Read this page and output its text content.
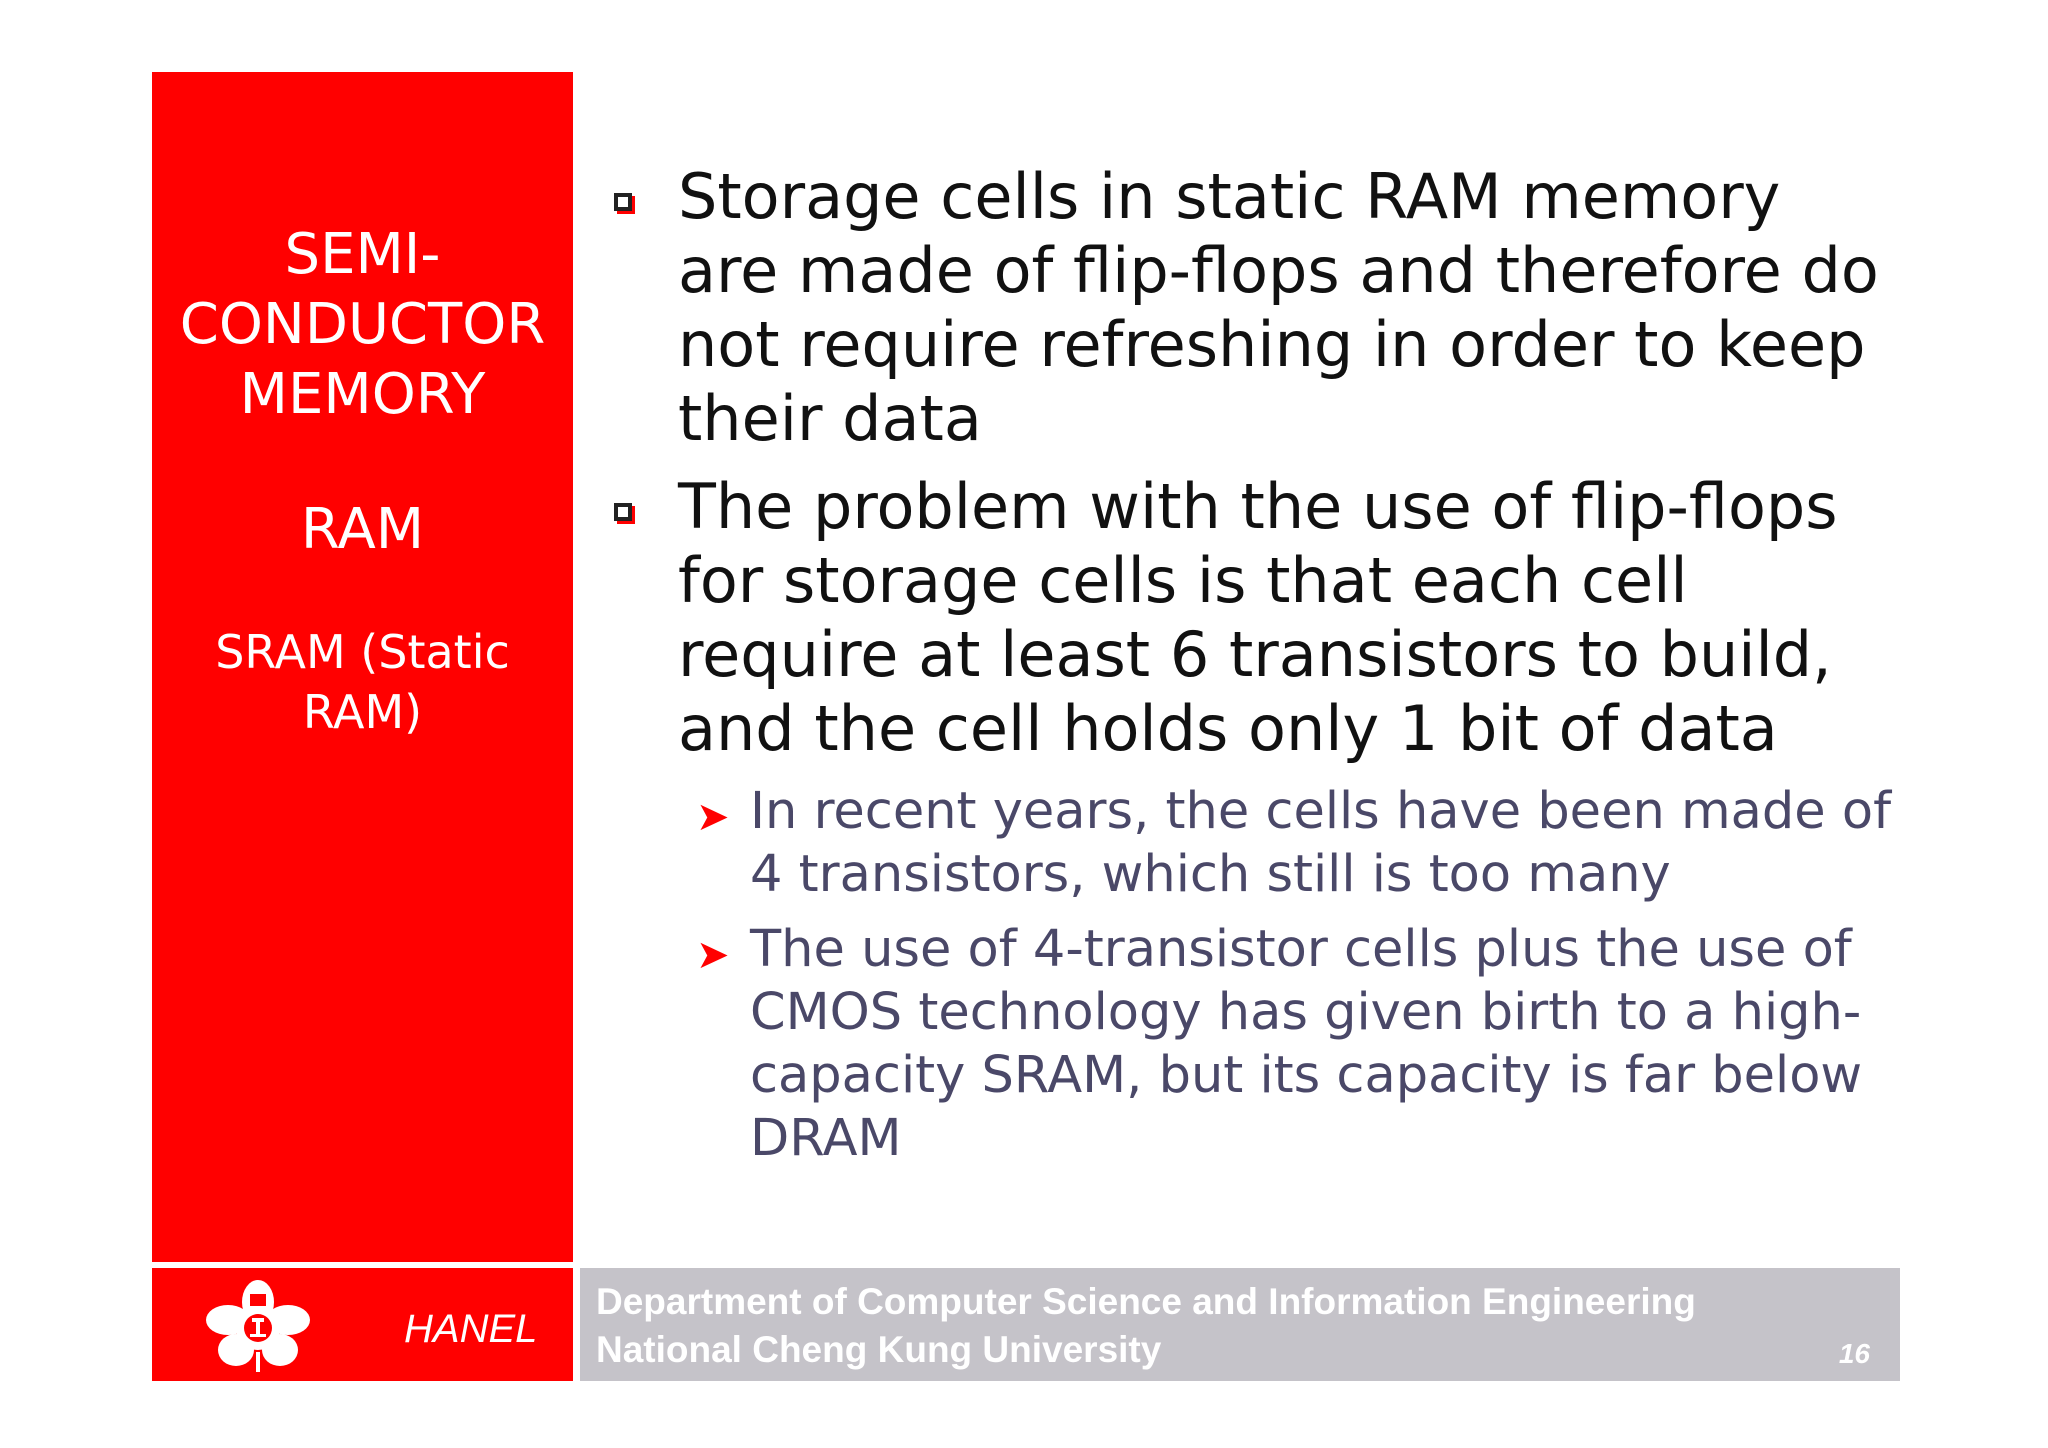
SEMI-
CONDUCTOR
MEMORY
RAM
SRAM (Static
RAM)
Storage cells in static RAM memory are made of flip-flops and therefore do not require refreshing in order to keep their data
The problem with the use of flip-flops for storage cells is that each cell require at least 6 transistors to build, and the cell holds only 1 bit of data
➤ In recent years, the cells have been made of 4 transistors, which still is too many
➤ The use of 4-transistor cells plus the use of CMOS technology has given birth to a high-capacity SRAM, but its capacity is far below DRAM
HANEL
Department of Computer Science and Information Engineering
National Cheng Kung University	16
